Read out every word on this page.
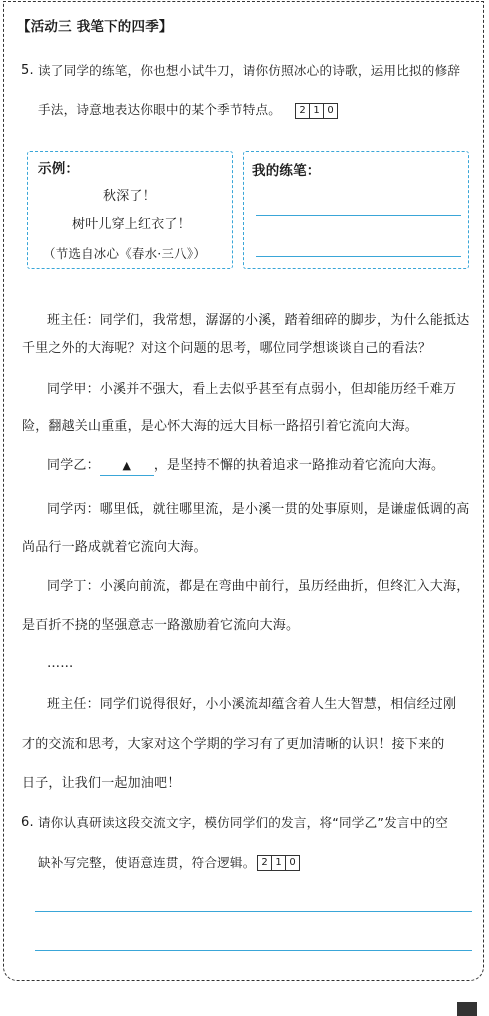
【活动三 我笔下的四季】
5. 读了同学的练笔，你也想小试牛刀，请你仿照冰心的诗歌，运用比拟的修辞
手法，诗意地表达你眼中的某个季节特点。	2 1 0
示例：
秋深了！
树叶儿穿上红衣了！
（节选自冰心《春水·三八》）
我的练笔：
班主任：同学们，我常想，潺潺的小溪，踏着细碎的脚步，为什么能抵达
千里之外的大海呢？对这个问题的思考，哪位同学想谈谈自己的看法？
同学甲：小溪并不强大，看上去似乎甚至有点弱小，但却能历经千难万
险，翻越关山重重，是心怀大海的远大目标一路招引着它流向大海。
同学乙： ▲ ，是坚持不懈的执着追求一路推动着它流向大海。
同学丙：哪里低，就往哪里流，是小溪一贯的处事原则，是谦虚低调的高
尚品行一路成就着它流向大海。
同学丁：小溪向前流，都是在弯曲中前行，虽历经曲折，但终汇入大海，
是百折不挠的坚强意志一路激励着它流向大海。
……
班主任：同学们说得很好，小小溪流却蕴含着人生大智慧，相信经过刚
才的交流和思考，大家对这个学期的学习有了更加清晰的认识！接下来的
日子，让我们一起加油吧！
6. 请你认真研读这段交流文字，模仿同学们的发言，将“同学乙”发言中的空
缺补写完整，使语意连贯，符合逻辑。 2 1 0
